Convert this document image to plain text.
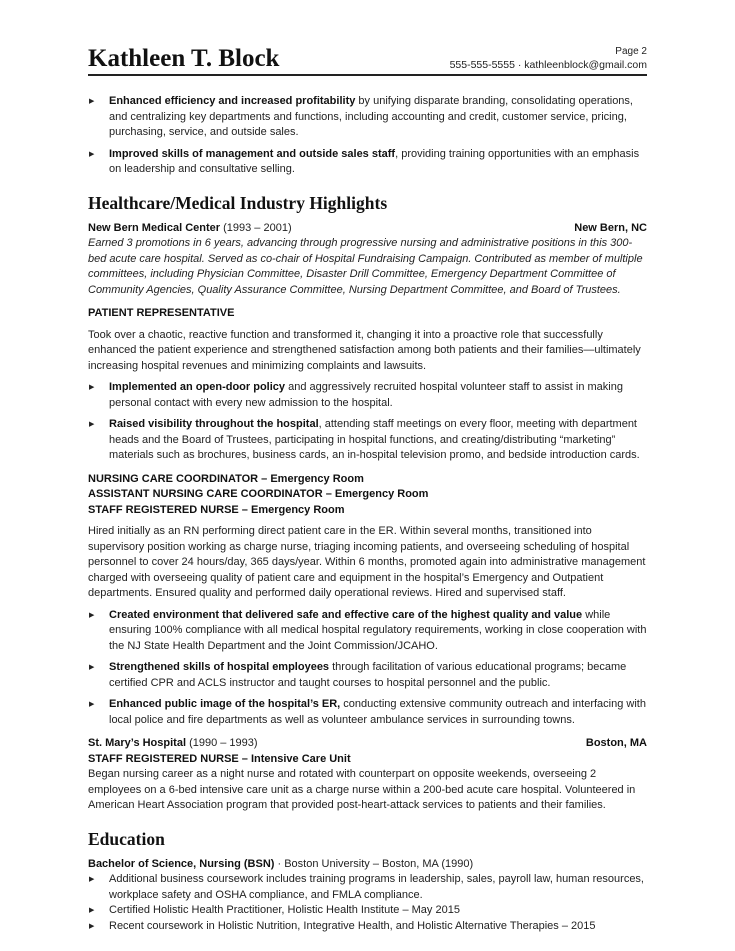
Kathleen T. Block	Page 2
555-555-5555 · kathleenblock@gmail.com
▶ Enhanced efficiency and increased profitability by unifying disparate branding, consolidating operations, and centralizing key departments and functions, including accounting and credit, customer service, pricing, purchasing, service, and outside sales.
▶ Improved skills of management and outside sales staff, providing training opportunities with an emphasis on leadership and consultative selling.
Healthcare/Medical Industry Highlights
New Bern Medical Center (1993 – 2001)	New Bern, NC
Earned 3 promotions in 6 years, advancing through progressive nursing and administrative positions in this 300-bed acute care hospital. Served as co-chair of Hospital Fundraising Campaign. Contributed as member of multiple committees, including Physician Committee, Disaster Drill Committee, Emergency Department Committee of Community Agencies, Quality Assurance Committee, Nursing Department Committee, and Board of Trustees.
PATIENT REPRESENTATIVE
Took over a chaotic, reactive function and transformed it, changing it into a proactive role that successfully enhanced the patient experience and strengthened satisfaction among both patients and their families—ultimately increasing hospital revenues and minimizing complaints and lawsuits.
▶ Implemented an open-door policy and aggressively recruited hospital volunteer staff to assist in making personal contact with every new admission to the hospital.
▶ Raised visibility throughout the hospital, attending staff meetings on every floor, meeting with department heads and the Board of Trustees, participating in hospital functions, and creating/distributing “marketing” materials such as brochures, business cards, an in-hospital television promo, and bedside introduction cards.
NURSING CARE COORDINATOR – Emergency Room
ASSISTANT NURSING CARE COORDINATOR – Emergency Room
STAFF REGISTERED NURSE – Emergency Room
Hired initially as an RN performing direct patient care in the ER. Within several months, transitioned into supervisory position working as charge nurse, triaging incoming patients, and overseeing scheduling of hospital personnel to cover 24 hours/day, 365 days/year. Within 6 months, promoted again into administrative management charged with overseeing quality of patient care and equipment in the hospital’s Emergency and Outpatient departments. Ensured quality and performed daily operational reviews. Hired and supervised staff.
▶ Created environment that delivered safe and effective care of the highest quality and value while ensuring 100% compliance with all medical hospital regulatory requirements, working in close cooperation with the NJ State Health Department and the Joint Commission/JCAHO.
▶ Strengthened skills of hospital employees through facilitation of various educational programs; became certified CPR and ACLS instructor and taught courses to hospital personnel and the public.
▶ Enhanced public image of the hospital’s ER, conducting extensive community outreach and interfacing with local police and fire departments as well as volunteer ambulance services in surrounding towns.
St. Mary’s Hospital (1990 – 1993)	Boston, MA
STAFF REGISTERED NURSE – Intensive Care Unit
Began nursing career as a night nurse and rotated with counterpart on opposite weekends, overseeing 2 employees on a 6-bed intensive care unit as a charge nurse within a 200-bed acute care hospital. Volunteered in American Heart Association program that provided post-heart-attack services to patients and their families.
Education
Bachelor of Science, Nursing (BSN) · Boston University – Boston, MA (1990)
▶ Additional business coursework includes training programs in leadership, sales, payroll law, human resources, workplace safety and OSHA compliance, and FMLA compliance.
▶ Certified Holistic Health Practitioner, Holistic Health Institute – May 2015
▶ Recent coursework in Holistic Nutrition, Integrative Health, and Holistic Alternative Therapies – 2015
